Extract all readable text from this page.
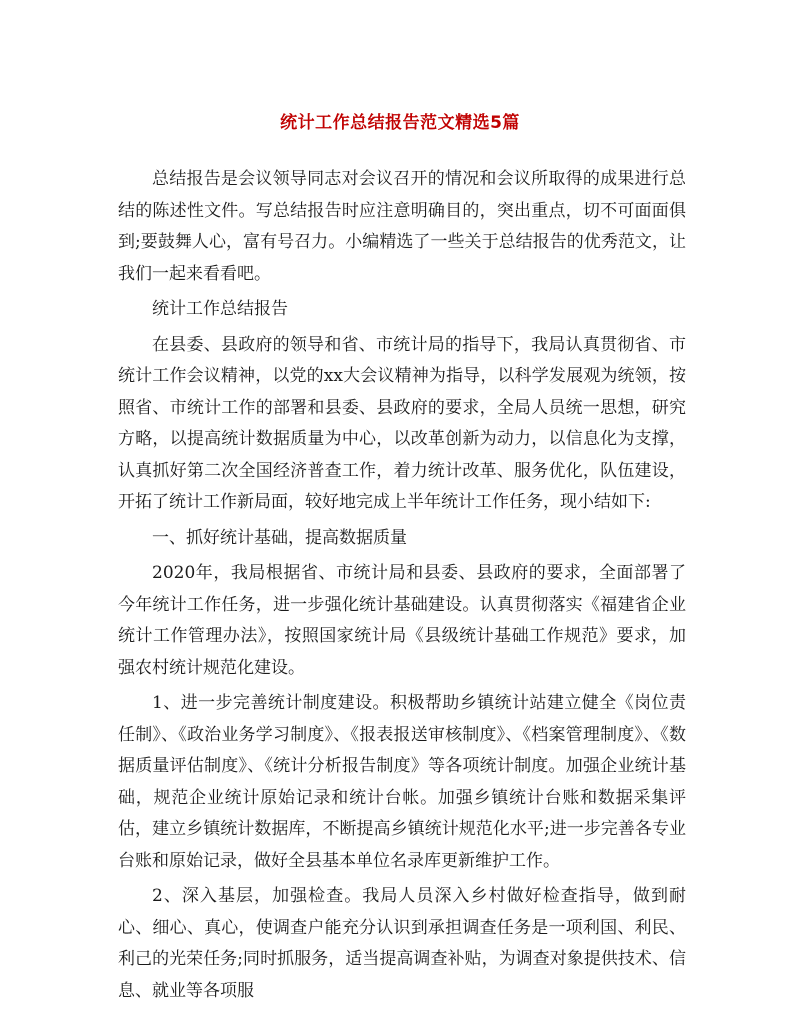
统计工作总结报告范文精选5篇

总结报告是会议领导同志对会议召开的情况和会议所取得的成果进行总结的陈述性文件。写总结报告时应注意明确目的，突出重点，切不可面面俱到;要鼓舞人心，富有号召力。小编精选了一些关于总结报告的优秀范文，让我们一起来看看吧。

统计工作总结报告

在县委、县政府的领导和省、市统计局的指导下，我局认真贯彻省、市统计工作会议精神，以党的xx大会议精神为指导，以科学发展观为统领，按照省、市统计工作的部署和县委、县政府的要求，全局人员统一思想，研究方略，以提高统计数据质量为中心，以改革创新为动力，以信息化为支撑，认真抓好第二次全国经济普查工作，着力统计改革、服务优化，队伍建设，开拓了统计工作新局面，较好地完成上半年统计工作任务，现小结如下:

一、抓好统计基础，提高数据质量

2020年，我局根据省、市统计局和县委、县政府的要求，全面部署了今年统计工作任务，进一步强化统计基础建设。认真贯彻落实《福建省企业统计工作管理办法》，按照国家统计局《县级统计基础工作规范》要求，加强农村统计规范化建设。

1、进一步完善统计制度建设。积极帮助乡镇统计站建立健全《岗位责任制》、《政治业务学习制度》、《报表报送审核制度》、《档案管理制度》、《数据质量评估制度》、《统计分析报告制度》等各项统计制度。加强企业统计基础，规范企业统计原始记录和统计台帐。加强乡镇统计台账和数据采集评估，建立乡镇统计数据库，不断提高乡镇统计规范化水平;进一步完善各专业台账和原始记录，做好全县基本单位名录库更新维护工作。

2、深入基层，加强检查。我局人员深入乡村做好检查指导，做到耐心、细心、真心，使调查户能充分认识到承担调查任务是一项利国、利民、利己的光荣任务;同时抓服务，适当提高调查补贴，为调查对象提供技术、信息、就业等各项服
